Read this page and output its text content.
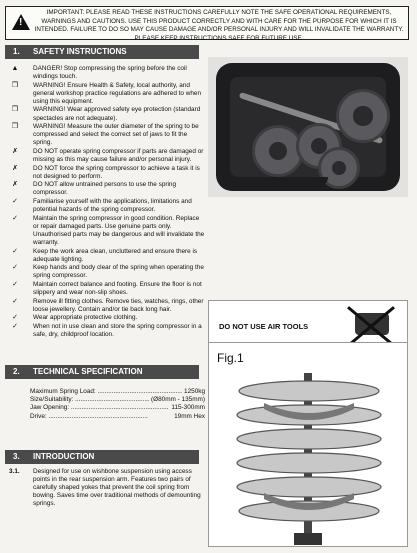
!

IMPORTANT: PLEASE READ THESE INSTRUCTIONS CAREFULLY NOTE THE SAFE OPERATIONAL REQUIREMENTS, WARNINGS AND CAUTIONS. USE THIS PRODUCT CORRECTLY AND WITH CARE FOR THE PURPOSE FOR WHICH IT IS INTENDED. FAILURE TO DO SO MAY CAUSE DAMAGE AND/OR PERSONAL INJURY AND WILL INVALIDATE THE WARRANTY. PLEASE KEEP INSTRUCTIONS SAFE FOR FUTURE USE.

1. SAFETY INSTRUCTIONS
▲	DANGER! Stop compressing the spring before the coil windings touch.
❒	WARNING! Ensure Health & Safety, local authority, and general workshop practice regulations are adhered to when using this equipment.
❒	WARNING! Wear approved safety eye protection (standard spectacles are not adequate).
❒	WARNING! Measure the outer diameter of the spring to be compressed and select the correct set of jaws to fit the spring.
✗	DO NOT operate spring compressor if parts are damaged or missing as this may cause failure and/or personal injury.
✗	DO NOT force the spring compressor to achieve a task it is not designed to perform.
✗	DO NOT allow untrained persons to use the spring compressor.
✓	Familiarise yourself with the applications, limitations and potential hazards of the spring compressor.
✓	Maintain the spring compressor in good condition. Replace or repair damaged parts. Use genuine parts only. Unauthorised parts may be dangerous and will invalidate the warranty.
✓	Keep the work area clean, uncluttered and ensure there is adequate lighting.
✓	Keep hands and body clear of the spring when operating the spring compressor.
✓	Maintain correct balance and footing. Ensure the floor is not slippery and wear non-slip shoes.
✓	Remove ill fitting clothes. Remove ties, watches, rings, other loose jewellery. Contain and/or tie back long hair.
✓	Wear appropriate protective clothing.
✓	When not in use clean and store the spring compressor in a safe, dry, childproof location.
DO NOT USE AIR TOOLS
Fig.1
2. TECHNICAL SPECIFICATION
Maximum Spring Load: .....	1250kg
Size/Suitability: .....	(Ø80mm - 135mm)
Jaw Opening: .....	115-300mm
Drive: .....	19mm Hex
3. INTRODUCTION
3.1.	Designed for use on wishbone suspension using access points in the rear suspension arm. Features two pairs of carefully shaped yokes that prevent the coil spring from bowing. Saves time over traditional methods of demounting springs.
